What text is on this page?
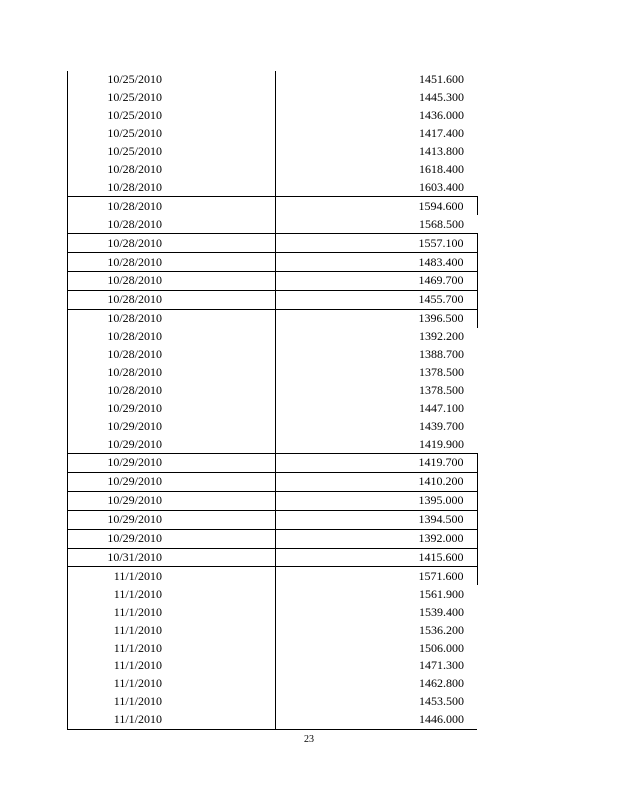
10/25/2010		1451.600
10/25/2010		1445.300
10/25/2010		1436.000
10/25/2010		1417.400
10/25/2010		1413.800
10/28/2010		1618.400
10/28/2010		1603.400
10/28/2010		1594.600
10/28/2010		1568.500
10/28/2010		1557.100
10/28/2010		1483.400
10/28/2010		1469.700
10/28/2010		1455.700
10/28/2010		1396.500
10/28/2010		1392.200
10/28/2010		1388.700
10/28/2010		1378.500
10/28/2010		1378.500
10/29/2010		1447.100
10/29/2010		1439.700
10/29/2010		1419.900
10/29/2010		1419.700
10/29/2010		1410.200
10/29/2010		1395.000
10/29/2010		1394.500
10/29/2010		1392.000
10/31/2010		1415.600
11/1/2010		1571.600
11/1/2010		1561.900
11/1/2010		1539.400
11/1/2010		1536.200
11/1/2010		1506.000
11/1/2010		1471.300
11/1/2010		1462.800
11/1/2010		1453.500
11/1/2010		1446.000
23
